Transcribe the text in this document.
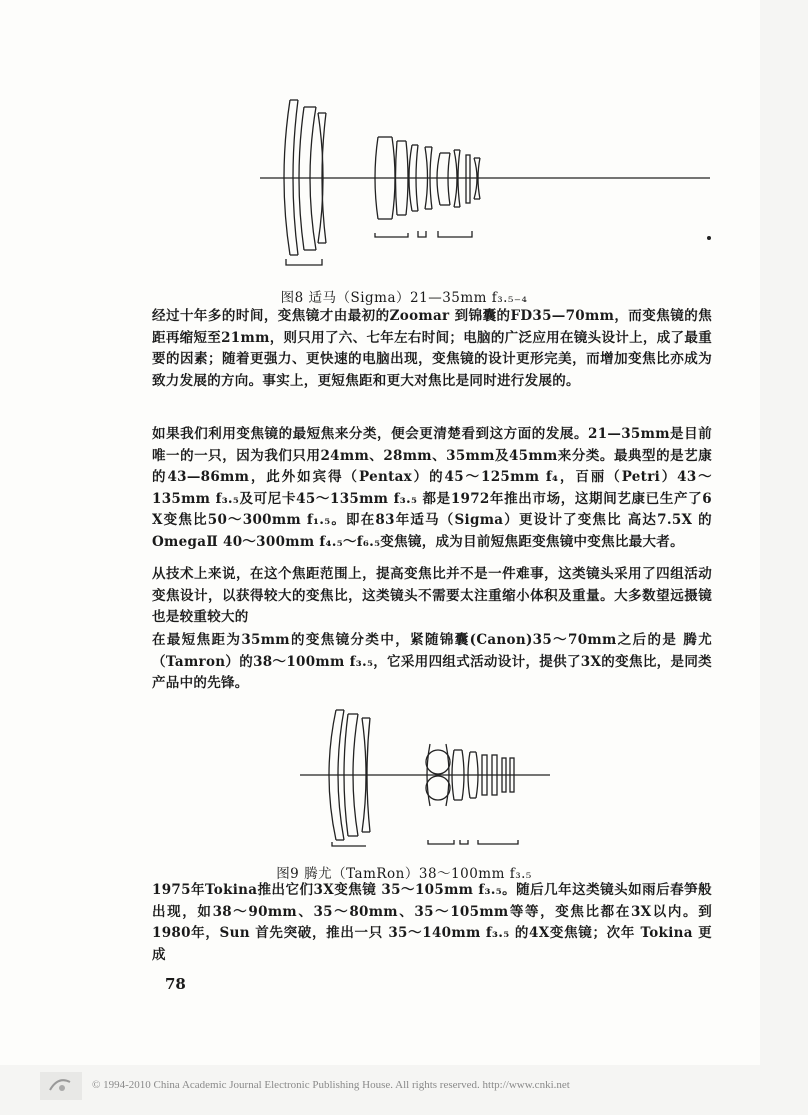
图8 适马（Sigma）21—35mm f₃.₅₋₄
经过十年多的时间，变焦镜才由最初的Zoomar 到锦囊的FD35—70mm，而变焦镜的焦距再缩短至21mm，则只用了六、七年左右时间；电脑的广泛应用在镜头设计上，成了最重要的因素；随着更强力、更快速的电脑出现，变焦镜的设计更形完美，而增加变焦比亦成为致力发展的方向。事实上，更短焦距和更大对焦比是同时进行发展的。
如果我们利用变焦镜的最短焦来分类，便会更清楚看到这方面的发展。21—35mm是目前唯一的一只，因为我们只用24mm、28mm、35mm及45mm来分类。最典型的是艺康的43—86mm，此外如宾得（Pentax）的45～125mm f₄，百丽（Petri）43～135mm f₃.₅及可尼卡45～135mm f₃.₅ 都是1972年推出市场，这期间艺康已生产了6 X变焦比50～300mm f₁.₅。即在83年适马（Sigma）更设计了变焦比 高达7.5X 的OmegaⅡ 40～300mm f₄.₅～f₆.₅变焦镜，成为目前短焦距变焦镜中变焦比最大者。
从技术上来说，在这个焦距范围上，提高变焦比并不是一件难事，这类镜头采用了四组活动变焦设计，以获得较大的变焦比，这类镜头不需要太注重缩小体积及重量。大多数望远摄镜也是较重较大的
在最短焦距为35mm的变焦镜分类中，紧随锦囊(Canon)35～70mm之后的是 腾尤（Tamron）的38～100mm f₃.₅，它采用四组式活动设计，提供了3X的变焦比，是同类产品中的先锋。
图9 腾尤（TamRon）38～100mm f₃.₅
1975年Tokina推出它们3X变焦镜 35～105mm f₃.₅。随后几年这类镜头如雨后春笋般出现，如38～90mm、35～80mm、35～105mm等等，变焦比都在3X以内。到1980年，Sun 首先突破，推出一只 35～140mm f₃.₅ 的4X变焦镜；次年 Tokina 更成
78
© 1994-2010 China Academic Journal Electronic Publishing House. All rights reserved. http://www.cnki.net
